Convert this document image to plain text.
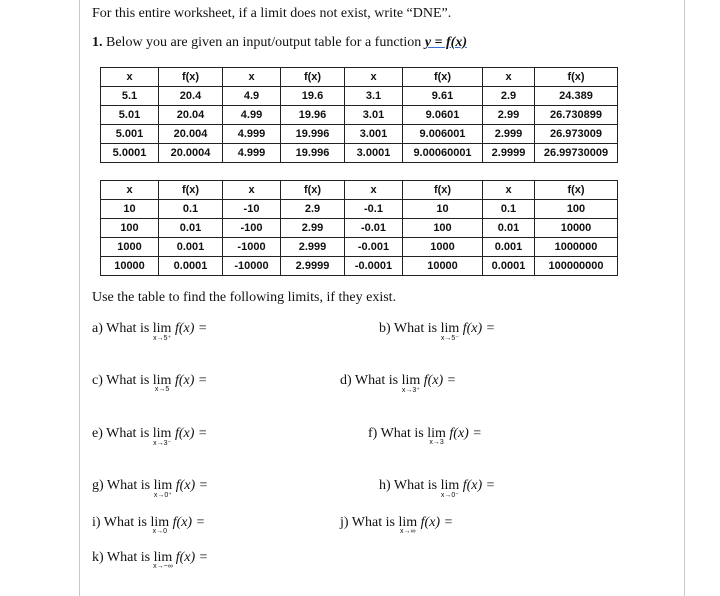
For this entire worksheet, if a limit does not exist, write “DNE”.
1. Below you are given an input/output table for a function y = f(x)
x	f(x)	x	f(x)	x	f(x)	x	f(x)
5.1	20.4	4.9	19.6	3.1	9.61	2.9	24.389
5.01	20.04	4.99	19.96	3.01	9.0601	2.99	26.730899
5.001	20.004	4.999	19.996	3.001	9.006001	2.999	26.973009
5.0001	20.0004	4.999	19.996	3.0001	9.00060001	2.9999	26.99730009
x	f(x)	x	f(x)	x	f(x)	x	f(x)
10	0.1	-10	2.9	-0.1	10	0.1	100
100	0.01	-100	2.99	-0.01	100	0.01	10000
1000	0.001	-1000	2.999	-0.001	1000	0.001	1000000
10000	0.0001	-10000	2.9999	-0.0001	10000	0.0001	100000000
Use the table to find the following limits, if they exist.
a) What is lim
x→5⁺
f(x) =	b) What is lim
x→5⁻
f(x) =
c) What is lim
x→5
f(x) =	d) What is lim
x→3⁺
f(x) =
e) What is lim
x→3⁻
f(x) =	f) What is lim
x→3
f(x) =
g) What is lim
x→0⁺
f(x) =	h) What is lim
x→0⁻
f(x) =
i) What is lim
x→0
f(x) =	j) What is lim
x→∞
f(x) =
k) What is lim
x→−∞
f(x) =
